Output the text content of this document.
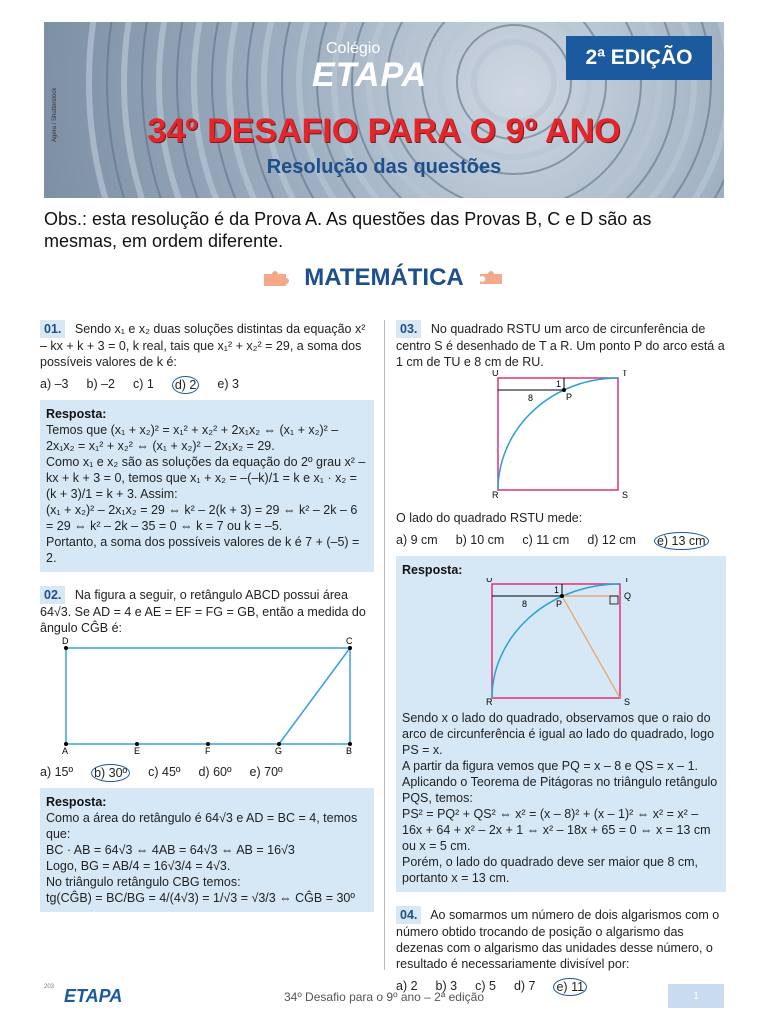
Colégio
ETAPA	2ª EDIÇÃO
34º DESAFIO PARA O 9º ANO
Resolução das questões
Agera / Shutterstock
Obs.: esta resolução é da Prova A. As questões das Provas B, C e D são as mesmas, em ordem diferente.
MATEMÁTICA
01. Sendo x₁ e x₂ duas soluções distintas da equação x² – kx + k + 3 = 0, k real, tais que x₁² + x₂² = 29, a soma dos possíveis valores de k é:
a) –3 b) –2 c) 1 d) 2 e) 3
Resposta:
Temos que (x₁ + x₂)² = x₁² + x₂² + 2x₁x₂ ⇔ (x₁ + x₂)² – 2x₁x₂ = x₁² + x₂² ⇔ (x₁ + x₂)² – 2x₁x₂ = 29.
Como x₁ e x₂ são as soluções da equação do 2º grau x² – kx + k + 3 = 0, temos que x₁ + x₂ = –(–k)/1 = k e x₁ · x₂ = (k + 3)/1 = k + 3. Assim:
(x₁ + x₂)² – 2x₁x₂ = 29 ⇔ k² – 2(k + 3) = 29 ⇔ k² – 2k – 6 = 29 ⇔ k² – 2k – 35 = 0 ⇔ k = 7 ou k = –5.
Portanto, a soma dos possíveis valores de k é 7 + (–5) = 2.
02. Na figura a seguir, o retângulo ABCD possui área 64√3. Se AD = 4 e AE = EF = FG = GB, então a medida do ângulo CĜB é:
D	C
A	E	F	G	B
a) 15º b) 30º c) 45º d) 60º e) 70º
Resposta:
Como a área do retângulo é 64√3 e AD = BC = 4, temos que:
BC · AB = 64√3 ⇔ 4AB = 64√3 ⇔ AB = 16√3
Logo, BG = AB/4 = 16√3/4 = 4√3.
No triângulo retângulo CBG temos:
tg(CĜB) = BC/BG = 4/(4√3) = 1/√3 = √3/3 ⇔ CĜB = 30º
03. No quadrado RSTU um arco de circunferência de centro S é desenhado de T a R. Um ponto P do arco está a 1 cm de TU e 8 cm de RU.
U	T
R	S
P
1
8
O lado do quadrado RSTU mede:
a) 9 cm b) 10 cm c) 11 cm d) 12 cm e) 13 cm
Resposta:
U	T
R	S
P
Q
1
8
Sendo x o lado do quadrado, observamos que o raio do arco de circunferência é igual ao lado do quadrado, logo PS = x.
A partir da figura vemos que PQ = x – 8 e QS = x – 1.
Aplicando o Teorema de Pitágoras no triângulo retângulo PQS, temos:
PS² = PQ² + QS² ⇔ x² = (x – 8)² + (x – 1)² ⇔ x² = x² – 16x + 64 + x² – 2x + 1 ⇔ x² – 18x + 65 = 0 ⇔ x = 13 cm ou x = 5 cm.
Porém, o lado do quadrado deve ser maior que 8 cm, portanto x = 13 cm.
04. Ao somarmos um número de dois algarismos com o número obtido trocando de posição o algarismo das dezenas com o algarismo das unidades desse número, o resultado é necessariamente divisível por:
a) 2 b) 3 c) 5 d) 7 e) 11
203 ETAPA	34º Desafio para o 9º ano – 2ª edição	1
